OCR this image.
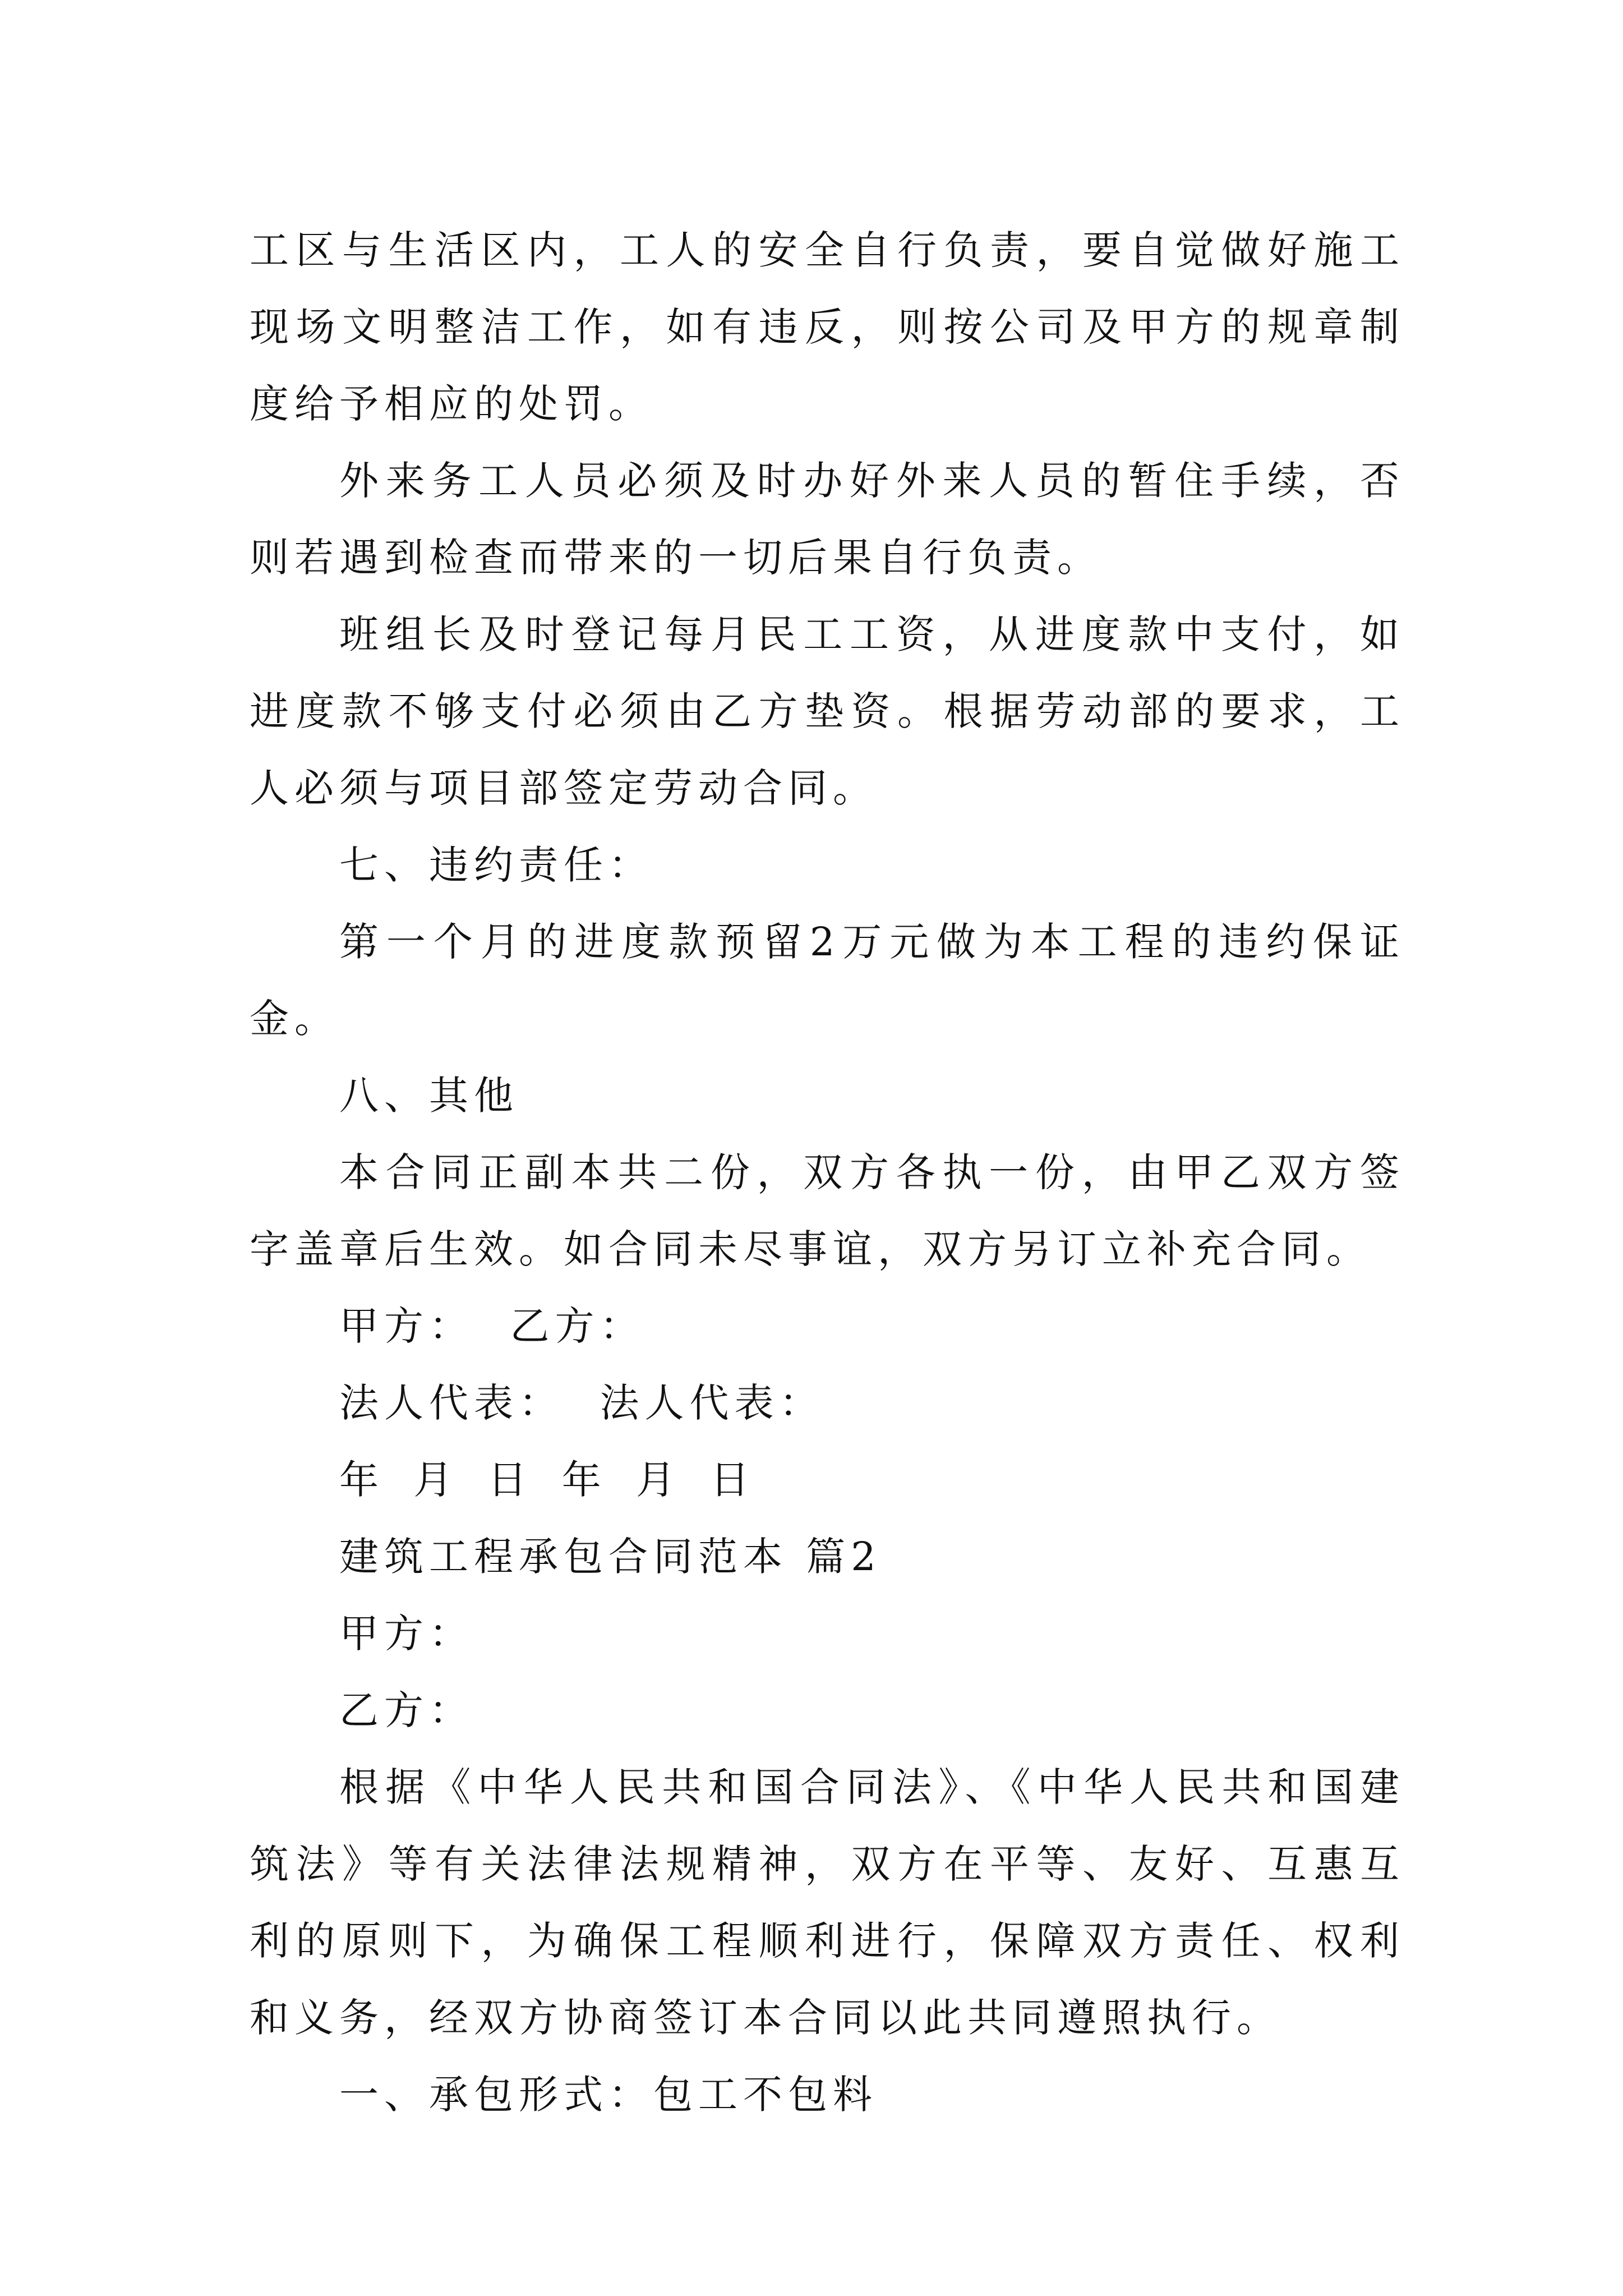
工区与生活区内，工人的安全自行负责，要自觉做好施工现场文明整洁工作，如有违反，则按公司及甲方的规章制度给予相应的处罚。

外来务工人员必须及时办好外来人员的暂住手续，否则若遇到检查而带来的一切后果自行负责。

班组长及时登记每月民工工资，从进度款中支付，如进度款不够支付必须由乙方垫资。根据劳动部的要求，工人必须与项目部签定劳动合同。

七、违约责任：

第一个月的进度款预留2万元做为本工程的违约保证金。

八、其他

本合同正副本共二份，双方各执一份，由甲乙双方签字盖章后生效。如合同未尽事谊，双方另订立补充合同。

甲方：  乙方：

法人代表：  法人代表：

年 月 日 年 月 日

建筑工程承包合同范本 篇2

甲方：

乙方：

根据《中华人民共和国合同法》、《中华人民共和国建筑法》等有关法律法规精神，双方在平等、友好、互惠互利的原则下，为确保工程顺利进行，保障双方责任、权利和义务，经双方协商签订本合同以此共同遵照执行。

一、承包形式：包工不包料
